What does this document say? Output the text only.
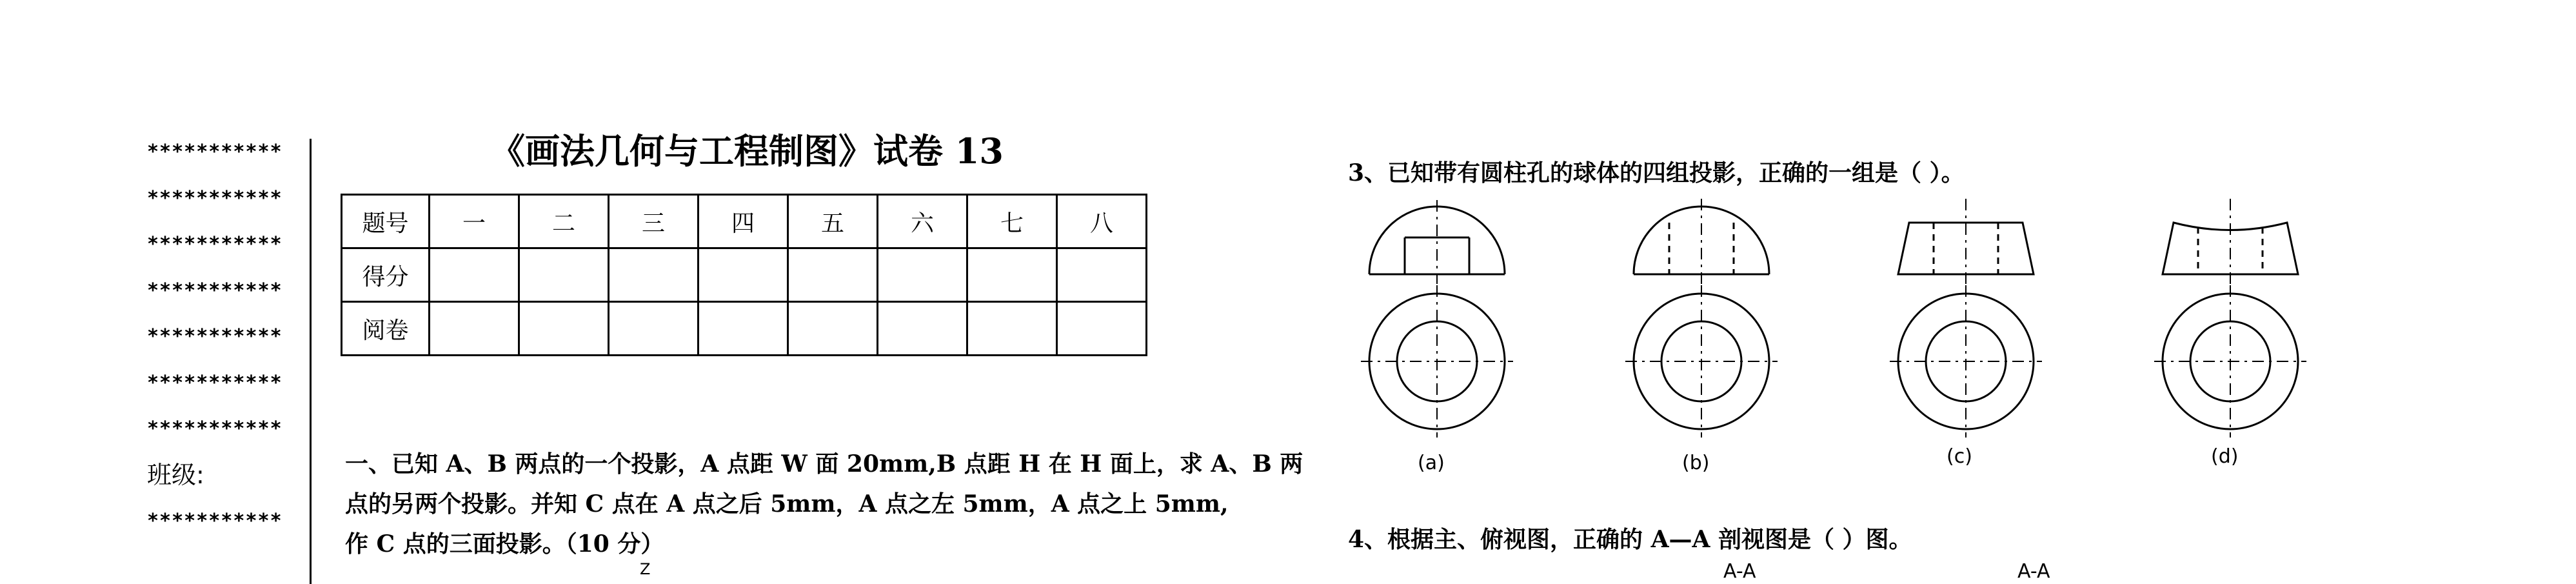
***********
***********
***********
***********
***********
***********
***********
班级:
***********
《画法几何与工程制图》试卷 13
题号	一	二	三	四	五	六	七	八
得分								
阅卷								
一、已知 A、B 两点的一个投影，A 点距 W 面 20mm,B 点距 H 在 H 面上，求 A、B 两
点的另两个投影。并知 C 点在 A 点之后 5mm，A 点之左 5mm，A 点之上 5mm,
作 C 点的三面投影。（10 分）
Z
3、已知带有圆柱孔的球体的四组投影，正确的一组是（ ）。
4、根据主、俯视图，正确的 A—A 剖视图是（ ）图。
A-A	A-A
(a)	(b)	(c)	(d)
